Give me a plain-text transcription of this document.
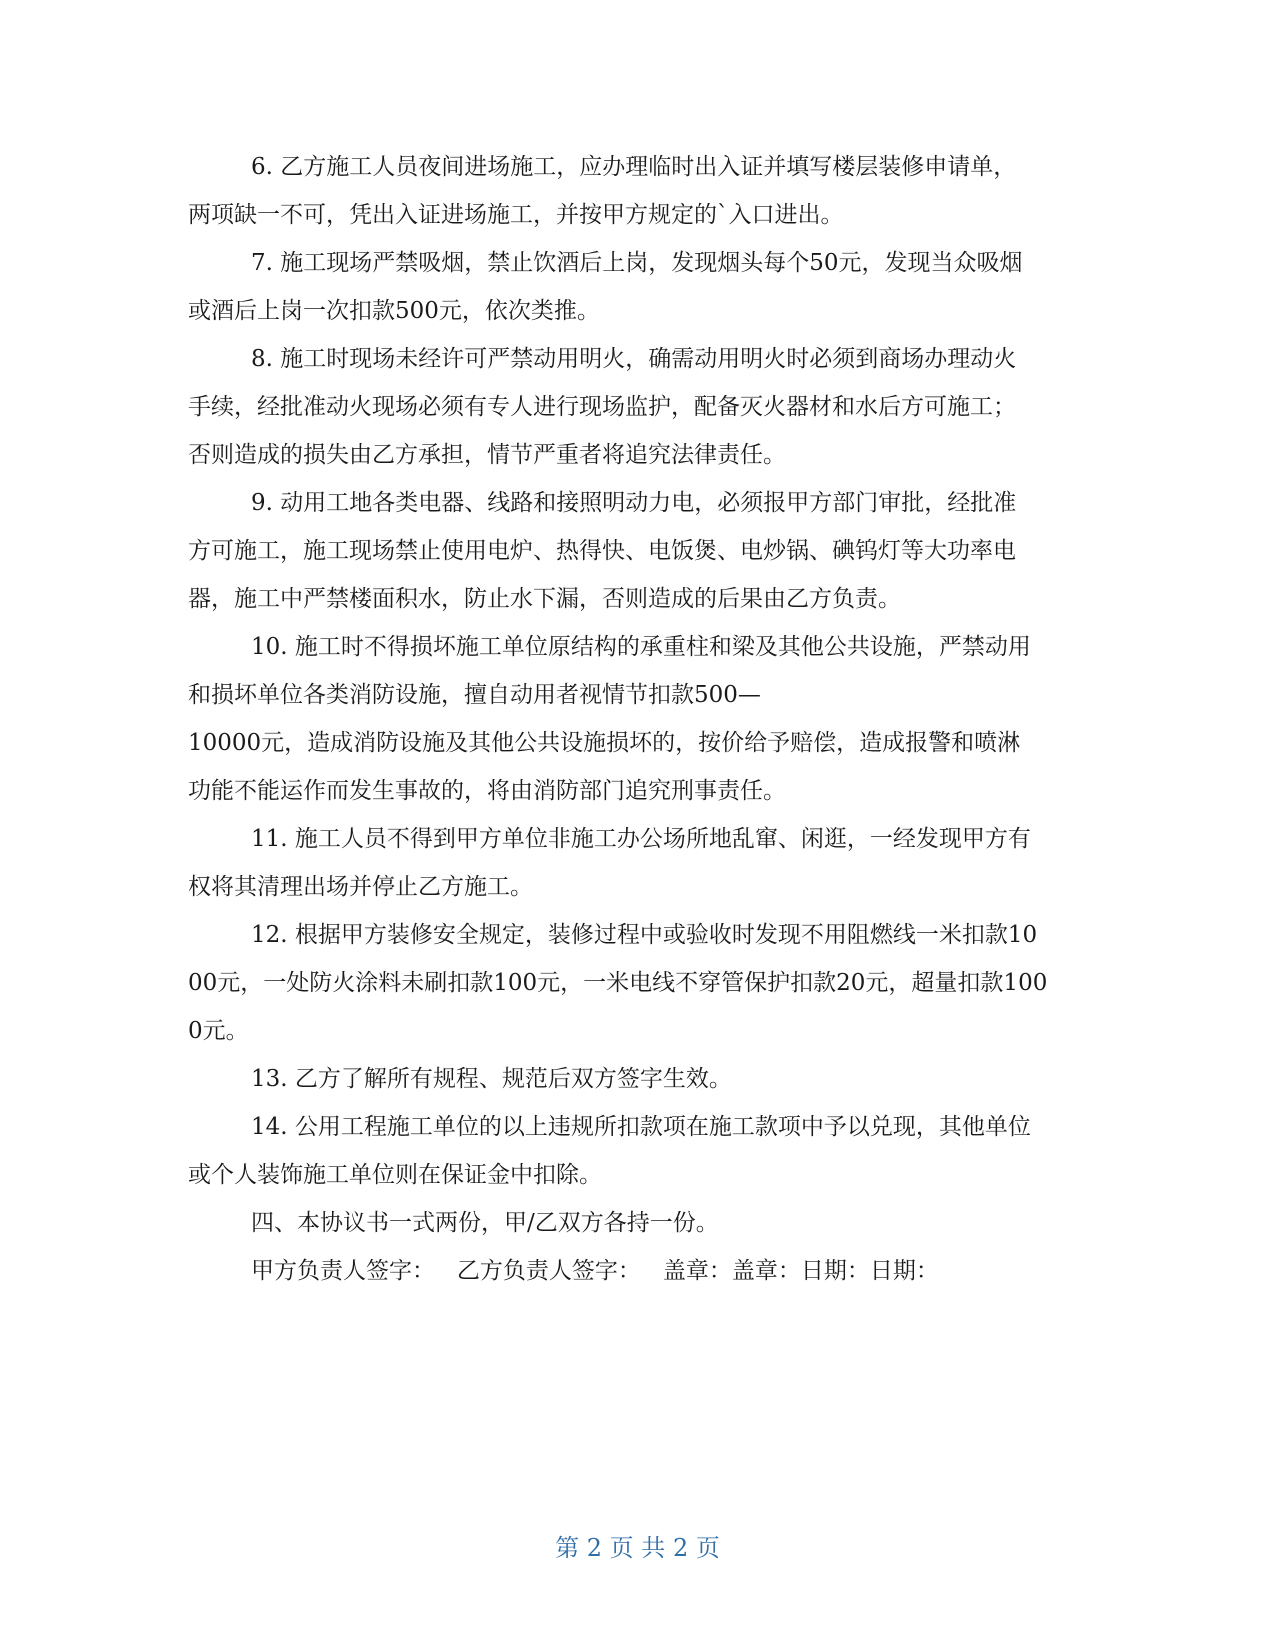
6. 乙方施工人员夜间进场施工，应办理临时出入证并填写楼层装修申请单，
两项缺一不可，凭出入证进场施工，并按甲方规定的`入口进出。
7. 施工现场严禁吸烟，禁止饮酒后上岗，发现烟头每个50元，发现当众吸烟
或酒后上岗一次扣款500元，依次类推。
8. 施工时现场未经许可严禁动用明火，确需动用明火时必须到商场办理动火
手续，经批准动火现场必须有专人进行现场监护，配备灭火器材和水后方可施工；
否则造成的损失由乙方承担，情节严重者将追究法律责任。
9. 动用工地各类电器、线路和接照明动力电，必须报甲方部门审批，经批准
方可施工，施工现场禁止使用电炉、热得快、电饭煲、电炒锅、碘钨灯等大功率电
器，施工中严禁楼面积水，防止水下漏，否则造成的后果由乙方负责。
10. 施工时不得损坏施工单位原结构的承重柱和梁及其他公共设施，严禁动用
和损坏单位各类消防设施，擅自动用者视情节扣款500—
10000元，造成消防设施及其他公共设施损坏的，按价给予赔偿，造成报警和喷淋
功能不能运作而发生事故的，将由消防部门追究刑事责任。
11. 施工人员不得到甲方单位非施工办公场所地乱窜、闲逛，一经发现甲方有
权将其清理出场并停止乙方施工。
12. 根据甲方装修安全规定，装修过程中或验收时发现不用阻燃线一米扣款10
00元，一处防火涂料未刷扣款100元，一米电线不穿管保护扣款20元，超量扣款100
0元。
13. 乙方了解所有规程、规范后双方签字生效。
14. 公用工程施工单位的以上违规所扣款项在施工款项中予以兑现，其他单位
或个人装饰施工单位则在保证金中扣除。
四、本协议书一式两份，甲/乙双方各持一份。
甲方负责人签字：   乙方负责人签字：   盖章：盖章：日期：日期：
第 2 页 共 2 页
